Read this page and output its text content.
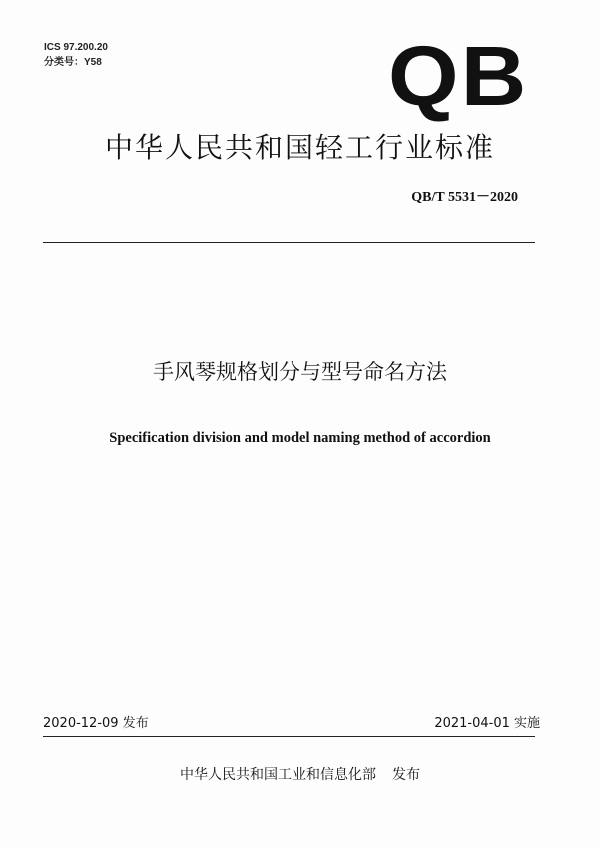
ICS 97.200.20
分类号：Y58	QB
中华人民共和国轻工行业标准
QB/T 5531－2020
手风琴规格划分与型号命名方法
Specification division and model naming method of accordion
2020-12-09 发布	2021-04-01 实施
中华人民共和国工业和信息化部 发布
